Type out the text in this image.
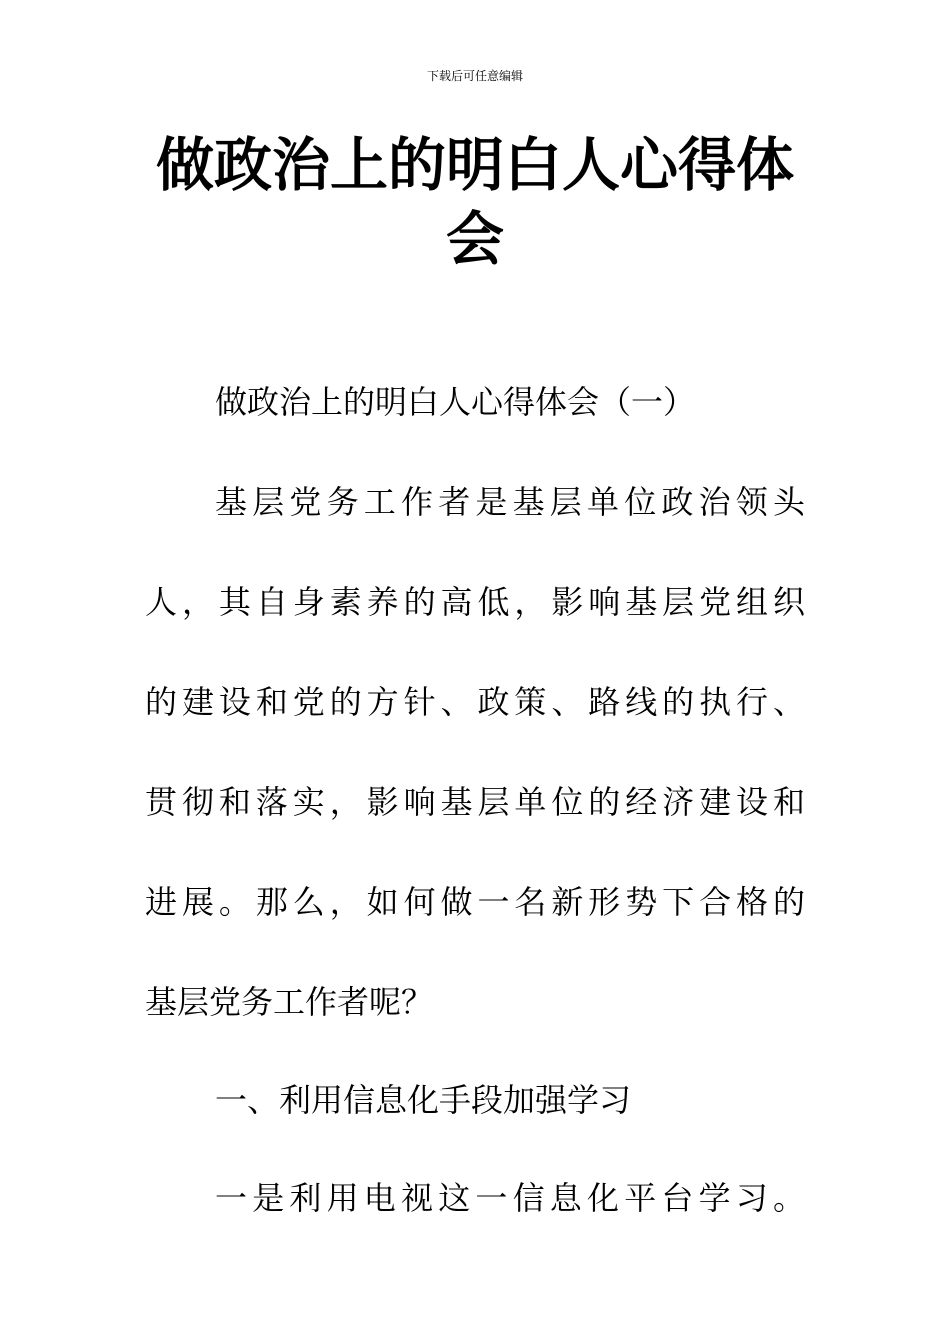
下载后可任意编辑
做政治上的明白人心得体会
做政治上的明白人心得体会（一）
基层党务工作者是基层单位政治领头
人，其自身素养的高低，影响基层党组织
的建设和党的方针、政策、路线的执行、
贯彻和落实，影响基层单位的经济建设和
进展。那么，如何做一名新形势下合格的
基层党务工作者呢？
一、利用信息化手段加强学习
一是利用电视这一信息化平台学习。
